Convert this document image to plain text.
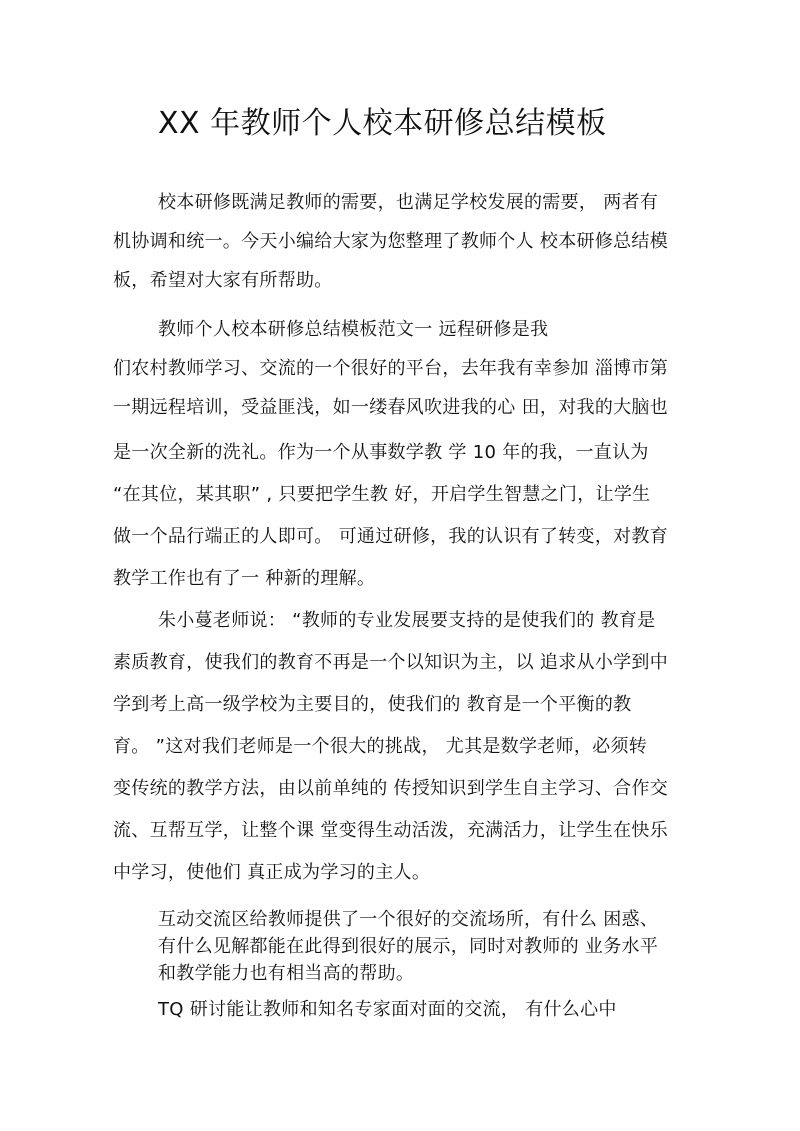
XX 年教师个人校本研修总结模板
校本研修既满足教师的需要，也满足学校发展的需要， 两者有
机协调和统一。今天小编给大家为您整理了教师个人 校本研修总结模
板，希望对大家有所帮助。
教师个人校本研修总结模板范文一 远程研修是我
们农村教师学习、交流的一个很好的平台，去年我有幸参加 淄博市第
一期远程培训，受益匪浅，如一缕春风吹进我的心 田，对我的大脑也
是一次全新的洗礼。作为一个从事数学教 学 10 年的我，一直认为
“在其位，某其职” , 只要把学生教 好，开启学生智慧之门，让学生
做一个品行端正的人即可。 可通过研修，我的认识有了转变，对教育
教学工作也有了一 种新的理解。
朱小蔓老师说： “教师的专业发展要支持的是使我们的 教育是
素质教育，使我们的教育不再是一个以知识为主，以 追求从小学到中
学到考上高一级学校为主要目的，使我们的 教育是一个平衡的教
育。 ”这对我们老师是一个很大的挑战， 尤其是数学老师，必须转
变传统的教学方法，由以前单纯的 传授知识到学生自主学习、合作交
流、互帮互学，让整个课 堂变得生动活泼，充满活力，让学生在快乐
中学习，使他们 真正成为学习的主人。
互动交流区给教师提供了一个很好的交流场所，有什么 困惑、
有什么见解都能在此得到很好的展示，同时对教师的 业务水平
和教学能力也有相当高的帮助。
TQ 研讨能让教师和知名专家面对面的交流， 有什么心中
